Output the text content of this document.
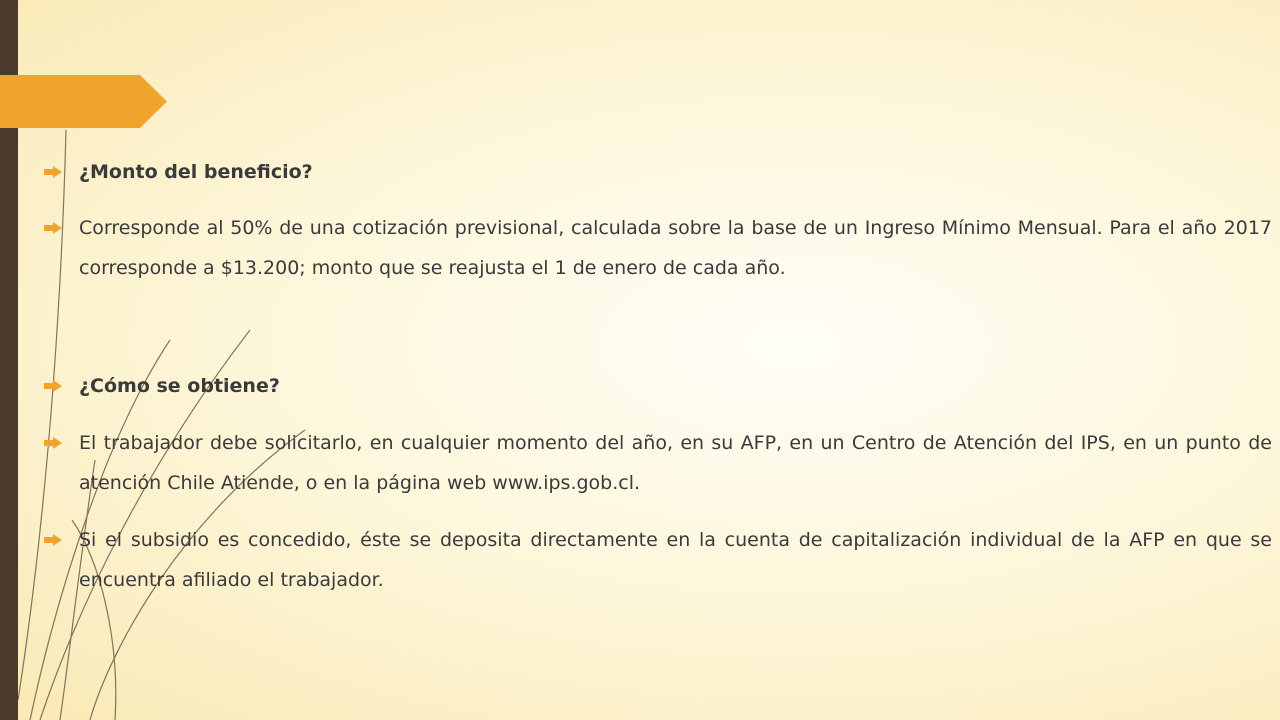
¿Monto del beneficio?
Corresponde al 50% de una cotización previsional, calculada sobre la base de un Ingreso Mínimo Mensual. Para el año 2017 corresponde a $13.200; monto que se reajusta el 1 de enero de cada año.
¿Cómo se obtiene?
El trabajador debe solicitarlo, en cualquier momento del año, en su AFP, en un Centro de Atención del IPS, en un punto de atención Chile Atiende, o en la página web www.ips.gob.cl.
Si el subsidio es concedido, éste se deposita directamente en la cuenta de capitalización individual de la AFP en que se encuentra afiliado el trabajador.
